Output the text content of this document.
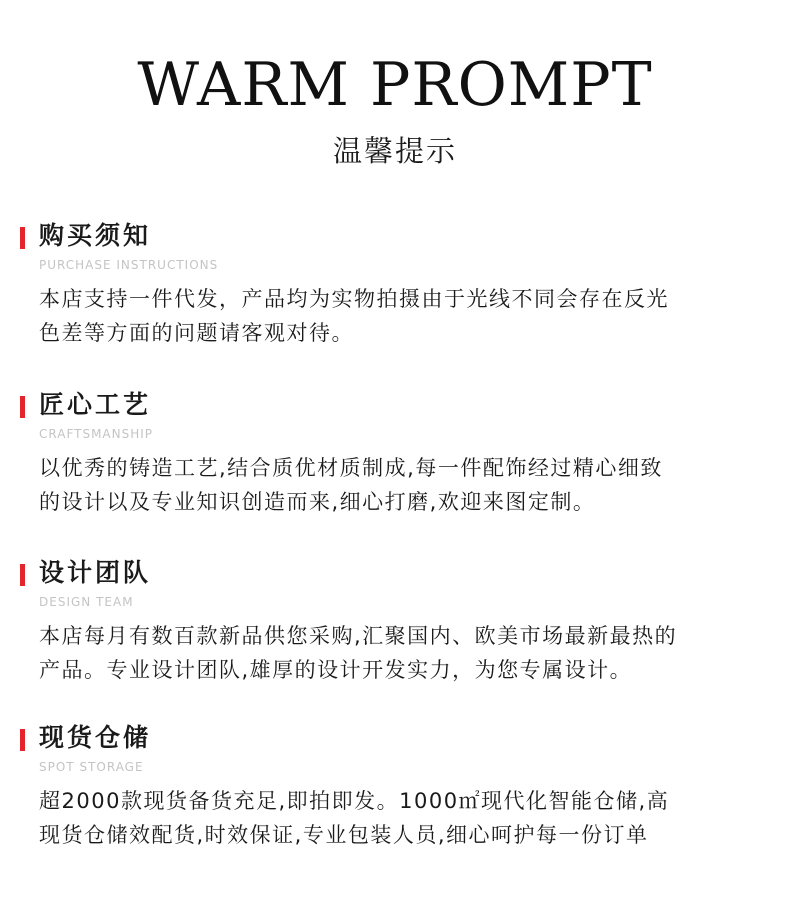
WARM PROMPT
温馨提示
购买须知
PURCHASE INSTRUCTIONS
本店支持一件代发，产品均为实物拍摄由于光线不同会存在反光
色差等方面的问题请客观对待。
匠心工艺
CRAFTSMANSHIP
以优秀的铸造工艺,结合质优材质制成,每一件配饰经过精心细致
的设计以及专业知识创造而来,细心打磨,欢迎来图定制。
设计团队
DESIGN TEAM
本店每月有数百款新品供您采购,汇聚国内、欧美市场最新最热的
产品。专业设计团队,雄厚的设计开发实力，为您专属设计。
现货仓储
SPOT STORAGE
超2000款现货备货充足,即拍即发。1000㎡现代化智能仓储,高
现货仓储效配货,时效保证,专业包装人员,细心呵护每一份订单
